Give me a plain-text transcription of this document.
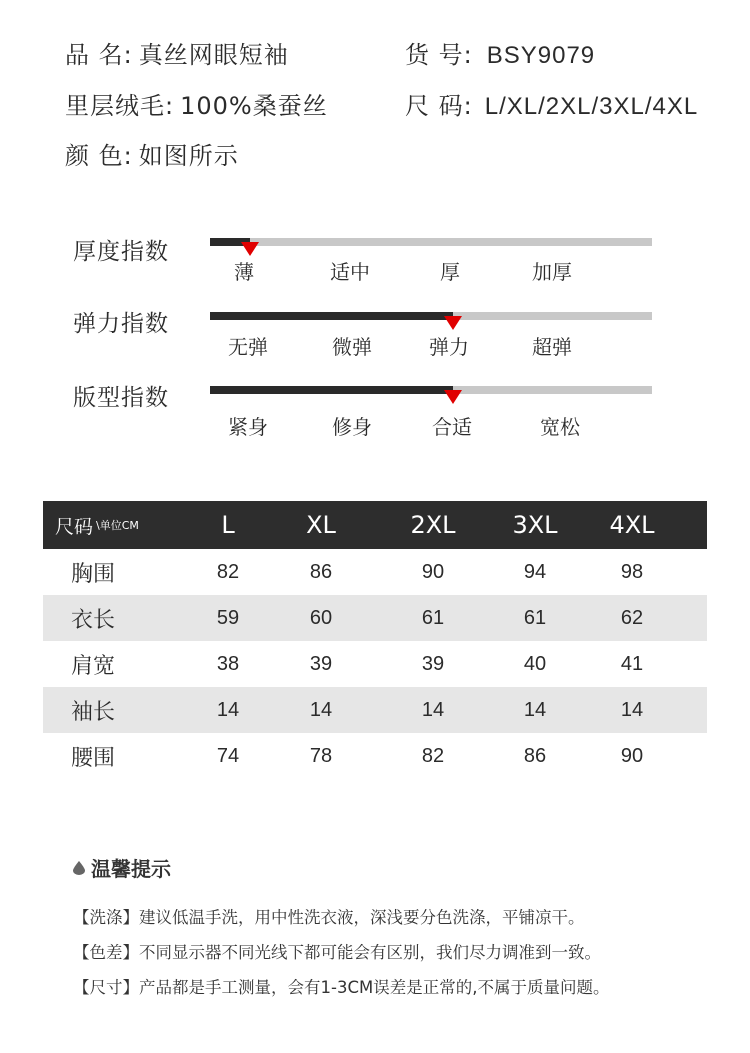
品 名: 真丝网眼短袖	货 号: BSY9079
里层绒毛: 100%桑蚕丝	尺 码: L/XL/2XL/3XL/4XL
颜 色: 如图所示
厚度指数
薄	适中	厚	加厚
弹力指数
无弹	微弹	弹力	超弹
版型指数
紧身	修身	合适	宽松
尺码 \单位CM	L	XL	2XL	3XL	4XL
胸围	82	86	90	94	98
衣长	59	60	61	61	62
肩宽	38	39	39	40	41
袖长	14	14	14	14	14
腰围	74	78	82	86	90
温馨提示
【洗涤】建议低温手洗，用中性洗衣液，深浅要分色洗涤，平铺凉干。
【色差】不同显示器不同光线下都可能会有区别，我们尽力调准到一致。
【尺寸】产品都是手工测量，会有1-3CM误差是正常的,不属于质量问题。
